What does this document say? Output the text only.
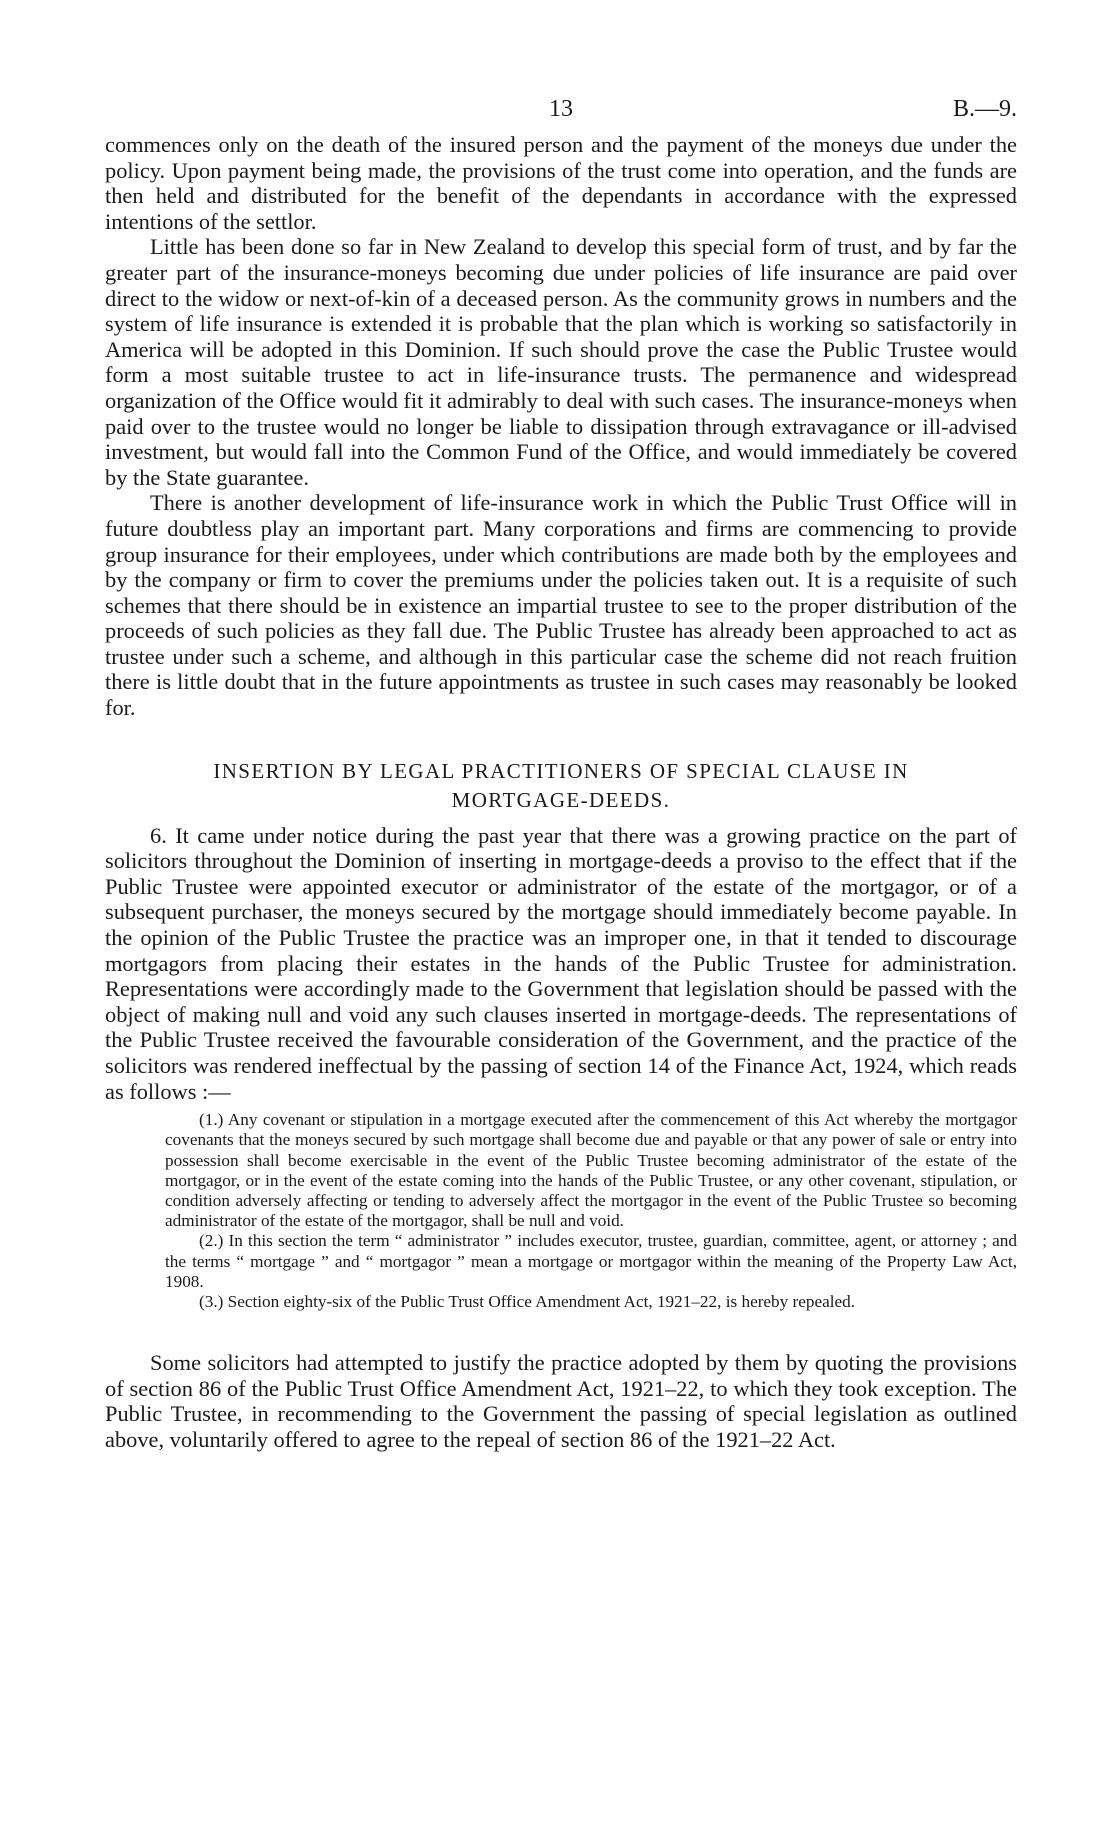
13	B.—9.

commences only on the death of the insured person and the payment of the moneys due under the policy. Upon payment being made, the provisions of the trust come into operation, and the funds are then held and distributed for the benefit of the dependants in accordance with the expressed intentions of the settlor.

Little has been done so far in New Zealand to develop this special form of trust, and by far the greater part of the insurance-moneys becoming due under policies of life insurance are paid over direct to the widow or next-of-kin of a deceased person. As the community grows in numbers and the system of life insurance is extended it is probable that the plan which is working so satisfactorily in America will be adopted in this Dominion. If such should prove the case the Public Trustee would form a most suitable trustee to act in life-insurance trusts. The permanence and widespread organization of the Office would fit it admirably to deal with such cases. The insurance-moneys when paid over to the trustee would no longer be liable to dissipation through extravagance or ill-advised investment, but would fall into the Common Fund of the Office, and would immediately be covered by the State guarantee.

There is another development of life-insurance work in which the Public Trust Office will in future doubtless play an important part. Many corporations and firms are commencing to provide group insurance for their employees, under which contributions are made both by the employees and by the company or firm to cover the premiums under the policies taken out. It is a requisite of such schemes that there should be in existence an impartial trustee to see to the proper distribution of the proceeds of such policies as they fall due. The Public Trustee has already been approached to act as trustee under such a scheme, and although in this particular case the scheme did not reach fruition there is little doubt that in the future appointments as trustee in such cases may reasonably be looked for.

INSERTION BY LEGAL PRACTITIONERS OF SPECIAL CLAUSE IN
MORTGAGE-DEEDS.

6. It came under notice during the past year that there was a growing practice on the part of solicitors throughout the Dominion of inserting in mortgage-deeds a proviso to the effect that if the Public Trustee were appointed executor or administrator of the estate of the mortgagor, or of a subsequent purchaser, the moneys secured by the mortgage should immediately become payable. In the opinion of the Public Trustee the practice was an improper one, in that it tended to discourage mortgagors from placing their estates in the hands of the Public Trustee for administration. Representations were accordingly made to the Government that legislation should be passed with the object of making null and void any such clauses inserted in mortgage-deeds. The representations of the Public Trustee received the favourable consideration of the Government, and the practice of the solicitors was rendered ineffectual by the passing of section 14 of the Finance Act, 1924, which reads as follows :—

(1.) Any covenant or stipulation in a mortgage executed after the commencement of this Act whereby the mortgagor covenants that the moneys secured by such mortgage shall become due and payable or that any power of sale or entry into possession shall become exercisable in the event of the Public Trustee becoming administrator of the estate of the mortgagor, or in the event of the estate coming into the hands of the Public Trustee, or any other covenant, stipulation, or condition adversely affecting or tending to adversely affect the mortgagor in the event of the Public Trustee so becoming administrator of the estate of the mortgagor, shall be null and void.

(2.) In this section the term “ administrator ” includes executor, trustee, guardian, committee, agent, or attorney ; and the terms “ mortgage ” and “ mortgagor ” mean a mortgage or mortgagor within the meaning of the Property Law Act, 1908.

(3.) Section eighty-six of the Public Trust Office Amendment Act, 1921–22, is hereby repealed.

Some solicitors had attempted to justify the practice adopted by them by quoting the provisions of section 86 of the Public Trust Office Amendment Act, 1921–22, to which they took exception. The Public Trustee, in recommending to the Government the passing of special legislation as outlined above, voluntarily offered to agree to the repeal of section 86 of the 1921–22 Act.
